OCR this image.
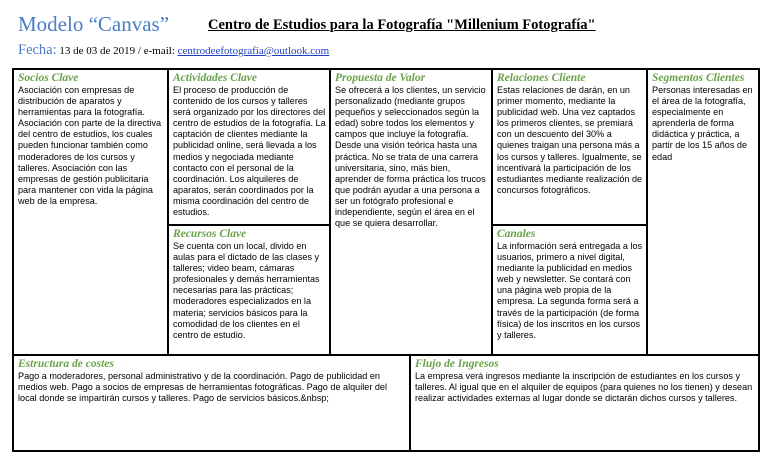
Modelo “Canvas”	Centro de Estudios para la Fotografía "Millenium Fotografía"
Fecha: 13 de 03 de 2019 / e-mail: centrodeefotografia@outlook.com
Socios Clave
Asociación con empresas de distribución de aparatos y herramientas para la fotografía. Asociación con parte de la directiva del centro de estudios, los cuales pueden funcionar también como moderadores de los cursos y talleres. Asociación con las empresas de gestión publicitaria para mantener con vida la página web de la empresa.
Actividades Clave
El proceso de producción de contenido de los cursos y talleres será organizado por los directores del centro de estudios de la fotografía. La captación de clientes mediante la publicidad online, será llevada a los medios y negociada mediante contacto con el personal de la coordinación. Los alquileres de aparatos, serán coordinados por la misma coordinación del centro de estudios.
Recursos Clave
Se cuenta con un local, divido en aulas para el dictado de las clases y talleres; video beam, cámaras profesionales y demás herramientas necesarias para las prácticas; moderadores especializados en la materia; servicios básicos para la comodidad de los clientes en el centro de estudio.
Propuesta de Valor
Se ofrecerá a los clientes, un servicio personalizado (mediante grupos pequeños y seleccionados según la edad) sobre todos los elementos y campos que incluye la fotografía. Desde una visión teórica hasta una práctica. No se trata de una carrera universitaria, sino, más bien, aprender de forma práctica los trucos que podrán ayudar a una persona a ser un fotógrafo profesional e independiente, según el área en el que se quiera desarrollar.
Relaciones Cliente
Estas relaciones de darán, en un primer momento, mediante la publicidad web. Una vez captados los primeros clientes, se premiará con un descuento del 30% a quienes traigan una persona más a los cursos y talleres. Igualmente, se incentivará la participación de los estudiantes mediante realización de concursos fotográficos.
Canales
La información será entregada a los usuarios, primero a nivel digital, mediante la publicidad en medios web y newsletter. Se contará con una página web propia de la empresa. La segunda forma será a través de la participación (de forma física) de los inscritos en los cursos y talleres.
Segmentos Clientes
Personas interesadas en el área de la fotografía, especialmente en aprenderla de forma didáctica y práctica, a partir de los 15 años de edad
Estructura de costes
Pago a moderadores, personal administrativo y de la coordinación. Pago de publicidad en medios web. Pago a socios de empresas de herramientas fotográficas. Pago de alquiler del local donde se impartirán cursos y talleres. Pago de servicios básicos.&nbsp;
Flujo de Ingresos
La empresa verá ingresos mediante la inscripción de estudiantes en los cursos y talleres. Al igual que en el alquiler de equipos (para quienes no los tienen) y desean realizar actividades externas al lugar donde se dictarán dichos cursos y talleres.
